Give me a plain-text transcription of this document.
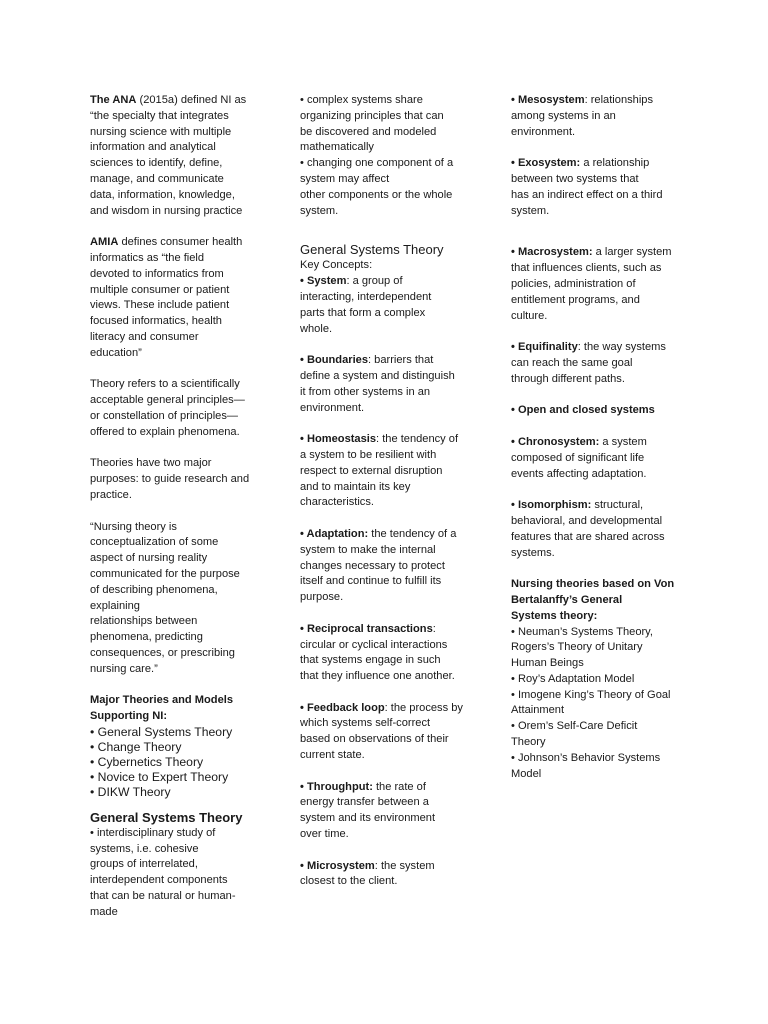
The ANA (2015a) defined NI as
“the specialty that integrates
nursing science with multiple
information and analytical
sciences to identify, define,
manage, and communicate
data, information, knowledge,
and wisdom in nursing practice

AMIA defines consumer health
informatics as “the field
devoted to informatics from
multiple consumer or patient
views. These include patient
focused informatics, health
literacy and consumer
education”

Theory refers to a scientifically
acceptable general principles—
or constellation of principles—
offered to explain phenomena.

Theories have two major
purposes: to guide research and
practice.

“Nursing theory is
conceptualization of some
aspect of nursing reality
communicated for the purpose
of describing phenomena,
explaining
relationships between
phenomena, predicting
consequences, or prescribing
nursing care.”

Major Theories and Models
Supporting NI:

• General Systems Theory
• Change Theory
• Cybernetics Theory
• Novice to Expert Theory
• DIKW Theory

General Systems Theory

• interdisciplinary study of
systems, i.e. cohesive
groups of interrelated,
interdependent components
that can be natural or human-
made

• complex systems share
organizing principles that can
be discovered and modeled
mathematically
• changing one component of a
system may affect
other components or the whole
system.

General Systems Theory

Key Concepts:

• System: a group of
interacting, interdependent
parts that form a complex
whole.

• Boundaries: barriers that
define a system and distinguish
it from other systems in an
environment.

• Homeostasis: the tendency of
a system to be resilient with
respect to external disruption
and to maintain its key
characteristics.

• Adaptation: the tendency of a
system to make the internal
changes necessary to protect
itself and continue to fulfill its
purpose.

• Reciprocal transactions:
circular or cyclical interactions
that systems engage in such
that they influence one another.

• Feedback loop: the process by
which systems self-correct
based on observations of their
current state.

• Throughput: the rate of
energy transfer between a
system and its environment
over time.

• Microsystem: the system
closest to the client.

• Mesosystem: relationships
among systems in an
environment.

• Exosystem: a relationship
between two systems that
has an indirect effect on a third
system.

• Macrosystem: a larger system
that influences clients, such as
policies, administration of
entitlement programs, and
culture.

• Equifinality: the way systems
can reach the same goal
through different paths.

• Open and closed systems

• Chronosystem: a system
composed of significant life
events affecting adaptation.

• Isomorphism: structural,
behavioral, and developmental
features that are shared across
systems.

Nursing theories based on Von
Bertalanffy’s General
Systems theory:

• Neuman’s Systems Theory,
Rogers’s Theory of Unitary
Human Beings
• Roy’s Adaptation Model
• Imogene King’s Theory of Goal
Attainment
• Orem’s Self-Care Deficit
Theory
• Johnson’s Behavior Systems
Model
